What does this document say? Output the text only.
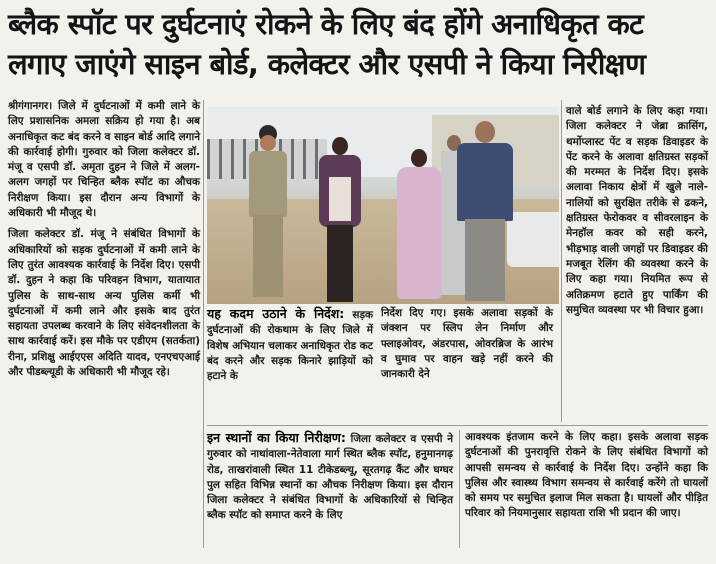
ब्लैक स्पॉट पर दुर्घटनाएं रोकने के लिए बंद होंगे अनाधिकृत कट
लगाए जाएंगे साइन बोर्ड, कलेक्टर और एसपी ने किया निरीक्षण

श्रीगंगानगर। जिले में दुर्घटनाओं में कमी लाने के लिए प्रशासनिक अमला सक्रिय हो गया है। अब अनाधिकृत कट बंद करने व साइन बोर्ड आदि लगाने की कार्रवाई होगी। गुरुवार को जिला कलेक्टर डॉ. मंजू व एसपी डॉ. अमृता दुहन ने जिले में अलग-अलग जगहों पर चिन्हित ब्लैक स्पॉट का औचक निरीक्षण किया। इस दौरान अन्य विभागों के अधिकारी भी मौजूद थे।

जिला कलेक्टर डॉ. मंजू ने संबंधित विभागों के अधिकारियों को सड़क दुर्घटनाओं में कमी लाने के लिए तुरंत आवश्यक कार्रवाई के निर्देश दिए। एसपी डॉ. दुहन ने कहा कि परिवहन विभाग, यातायात पुलिस के साथ-साथ अन्य पुलिस कर्मी भी दुर्घटनाओं में कमी लाने और इसके बाद तुरंत सहायता उपलब्ध करवाने के लिए संवेदनशीलता के साथ कार्रवाई करें। इस मौके पर एडीएम (सतर्कता) रीना, प्रशिक्षु आईएएस अदिति यादव, एनएचएआई और पीडब्ल्यूडी के अधिकारी भी मौजूद रहे।

यह कदम उठाने के निर्देश: सड़क दुर्घटनाओं की रोकथाम के लिए जिले में विशेष अभियान चलाकर अनाधिकृत रोड कट बंद करने और सड़क किनारे झाड़ियों को हटाने के

निर्देश दिए गए। इसके अलावा सड़कों के जंक्शन पर स्लिप लेन निर्माण और फ्लाइओवर, अंडरपास, ओवरब्रिज के आरंभ व घुमाव पर वाहन खड़े नहीं करने की जानकारी देने

वाले बोर्ड लगाने के लिए कहा गया। जिला कलेक्टर ने जेब्रा क्रासिंग, थर्मोप्लास्ट पेंट व सड़क डिवाइडर के पेंट करने के अलावा क्षतिग्रस्त सड़कों की मरम्मत के निर्देश दिए। इसके अलावा निकाय क्षेत्रों में खुले नाले-नालियों को सुरक्षित तरीके से ढकने, क्षतिग्रस्त फेरोकवर व सीवरलाइन के मेनहॉल कवर को सही करने, भीड़भाड़ वाली जगहों पर डिवाइडर की मजबूत रेलिंग की व्यवस्था करने के लिए कहा गया। नियमित रूप से अतिक्रमण हटाते हुए पार्किंग की समुचित व्यवस्था पर भी विचार हुआ।

इन स्थानों का किया निरीक्षण: जिला कलेक्टर व एसपी ने गुरुवार को नाथांवाला-नेतेवाला मार्ग स्थित ब्लैक स्पॉट, हनुमानगढ़ रोड, ताखरांवाली स्थित 11 टीकेडब्ल्यू, सूरतगढ़ कैंट और घग्घर पुल सहित विभिन्न स्थानों का औचक निरीक्षण किया। इस दौरान जिला कलेक्टर ने संबंधित विभागों के अधिकारियों से चिन्हित ब्लैक स्पॉट को समाप्त करने के लिए

आवश्यक इंतजाम करने के लिए कहा। इसके अलावा सड़क दुर्घटनाओं की पुनरावृत्ति रोकने के लिए संबंधित विभागों को आपसी समन्वय से कार्रवाई के निर्देश दिए। उन्होंने कहा कि पुलिस और स्वास्थ्य विभाग समन्वय से कार्रवाई करेंगे तो घायलों को समय पर समुचित इलाज मिल सकता है। घायलों और पीड़ित परिवार को नियमानुसार सहायता राशि भी प्रदान की जाए।
